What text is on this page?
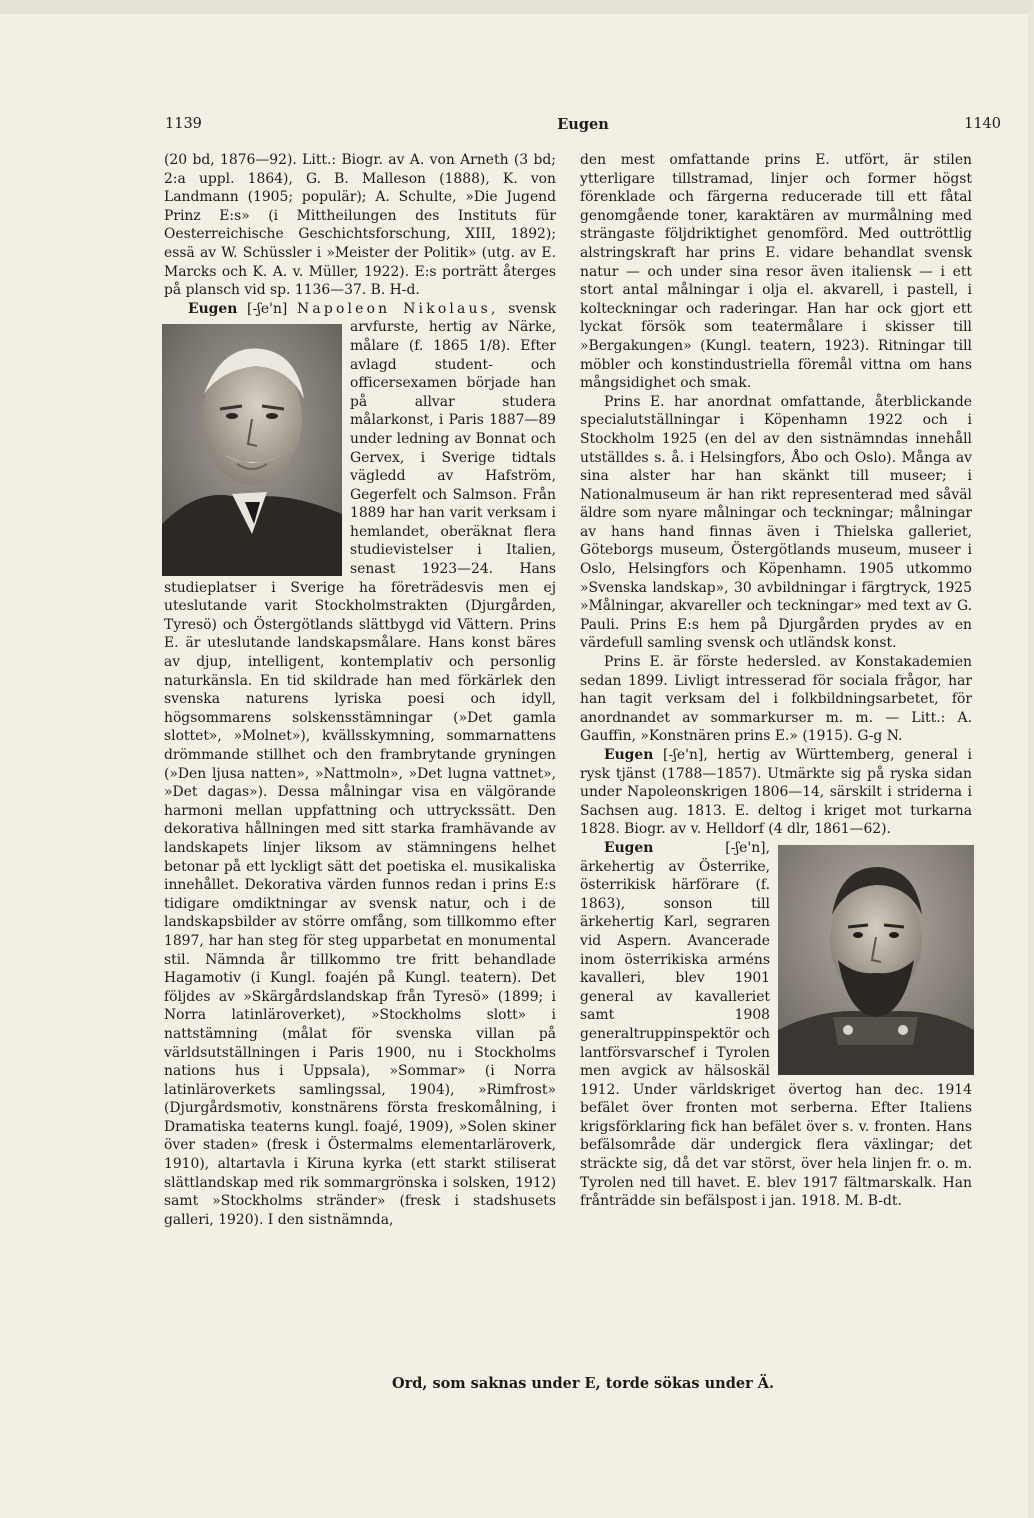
1139	Eugen	1140

(20 bd, 1876—92). Litt.: Biogr. av A. von Arneth (3 bd; 2:a uppl. 1864), G. B. Malleson (1888), K. von Landmann (1905; populär); A. Schulte, »Die Jugend Prinz E:s» (i Mittheilungen des Instituts für Oesterreichische Geschichtsforschung, XIII, 1892); essä av W. Schüssler i »Meister der Politik» (utg. av E. Marcks och K. A. v. Müller, 1922). E:s porträtt återges på plansch vid sp. 1136—37. B. H-d.

Eugen [-ʃe'n] Napoleon Nikolaus, svensk arvfurste, hertig av Närke, målare (f. 1865 1/8). Efter avlagd student- och officersexamen började han på allvar studera målarkonst, i Paris 1887—89 under ledning av Bonnat och Gervex, i Sverige tidtals vägledd av Hafström, Gegerfelt och Salmson. Från 1889 har han varit verksam i hemlandet, oberäknat flera studievistelser i Italien, senast 1923—24. Hans studieplatser i Sverige ha företrädesvis men ej uteslutande varit Stockholmstrakten (Djurgården, Tyresö) och Östergötlands slättbygd vid Vättern. Prins E. är uteslutande landskapsmålare. Hans konst bäres av djup, intelligent, kontemplativ och personlig naturkänsla. En tid skildrade han med förkärlek den svenska naturens lyriska poesi och idyll, högsommarens solskensstämningar (»Det gamla slottet», »Molnet»), kvällsskymning, sommarnattens drömmande stillhet och den frambrytande gryningen (»Den ljusa natten», »Nattmoln», »Det lugna vattnet», »Det dagas»). Dessa målningar visa en välgörande harmoni mellan uppfattning och uttryckssätt. Den dekorativa hållningen med sitt starka framhävande av landskapets linjer liksom av stämningens helhet betonar på ett lyckligt sätt det poetiska el. musikaliska innehållet. Dekorativa värden funnos redan i prins E:s tidigare omdiktningar av svensk natur, och i de landskapsbilder av större omfång, som tillkommo efter 1897, har han steg för steg upparbetat en monumental stil. Nämnda år tillkommo tre fritt behandlade Hagamotiv (i Kungl. foajén på Kungl. teatern). Det följdes av »Skärgårdslandskap från Tyresö» (1899; i Norra latinläroverket), »Stockholms slott» i nattstämning (målat för svenska villan på världsutställningen i Paris 1900, nu i Stockholms nations hus i Uppsala), »Sommar» (i Norra latinläroverkets samlingssal, 1904), »Rimfrost» (Djurgårdsmotiv, konstnärens första freskomålning, i Dramatiska teaterns kungl. foajé, 1909), »Solen skiner över staden» (fresk i Östermalms elementarläroverk, 1910), altartavla i Kiruna kyrka (ett starkt stiliserat slättlandskap med rik sommargrönska i solsken, 1912) samt »Stockholms stränder» (fresk i stadshusets galleri, 1920). I den sistnämnda,

den mest omfattande prins E. utfört, är stilen ytterligare tillstramad, linjer och former högst förenklade och färgerna reducerade till ett fåtal genomgående toner, karaktären av murmålning med strängaste följdriktighet genomförd. Med outtröttlig alstringskraft har prins E. vidare behandlat svensk natur — och under sina resor även italiensk — i ett stort antal målningar i olja el. akvarell, i pastell, i kolteckningar och raderingar. Han har ock gjort ett lyckat försök som teatermålare i skisser till »Bergakungen» (Kungl. teatern, 1923). Ritningar till möbler och konstindustriella föremål vittna om hans mångsidighet och smak.

Prins E. har anordnat omfattande, återblickande specialutställningar i Köpenhamn 1922 och i Stockholm 1925 (en del av den sistnämndas innehåll utställdes s. å. i Helsingfors, Åbo och Oslo). Många av sina alster har han skänkt till museer; i Nationalmuseum är han rikt representerad med såväl äldre som nyare målningar och teckningar; målningar av hans hand finnas även i Thielska galleriet, Göteborgs museum, Östergötlands museum, museer i Oslo, Helsingfors och Köpenhamn. 1905 utkommo »Svenska landskap», 30 avbildningar i färgtryck, 1925 »Målningar, akvareller och teckningar» med text av G. Pauli. Prins E:s hem på Djurgården prydes av en värdefull samling svensk och utländsk konst.

Prins E. är förste hedersled. av Konstakademien sedan 1899. Livligt intresserad för sociala frågor, har han tagit verksam del i folkbildningsarbetet, för anordnandet av sommarkurser m. m. — Litt.: A. Gauffin, »Konstnären prins E.» (1915). G-g N.

Eugen [-ʃe'n], hertig av Württemberg, general i rysk tjänst (1788—1857). Utmärkte sig på ryska sidan under Napoleonskrigen 1806—14, särskilt i striderna i Sachsen aug. 1813. E. deltog i kriget mot turkarna 1828. Biogr. av v. Helldorf (4 dlr, 1861—62).

Eugen	[-ʃe'n], ärkehertig av Österrike, österrikisk härförare (f. 1863), sonson till ärkehertig Karl, segraren vid Aspern. Avancerade inom österrikiska arméns kavalleri, blev 1901 general av kavalleriet samt 1908 generaltruppinspektör och lantförsvarschef i Tyrolen men avgick av hälsoskäl 1912. Under världskriget övertog han dec. 1914 befälet över fronten mot serberna. Efter Italiens krigsförklaring fick han befälet över s. v. fronten. Hans befälsområde där undergick flera växlingar; det sträckte sig, då det var störst, över hela linjen fr. o. m. Tyrolen ned till havet. E. blev 1917 fältmarskalk. Han frånträdde sin befälspost i jan. 1918. M. B-dt.

Ord, som saknas under E, torde sökas under Ä.
